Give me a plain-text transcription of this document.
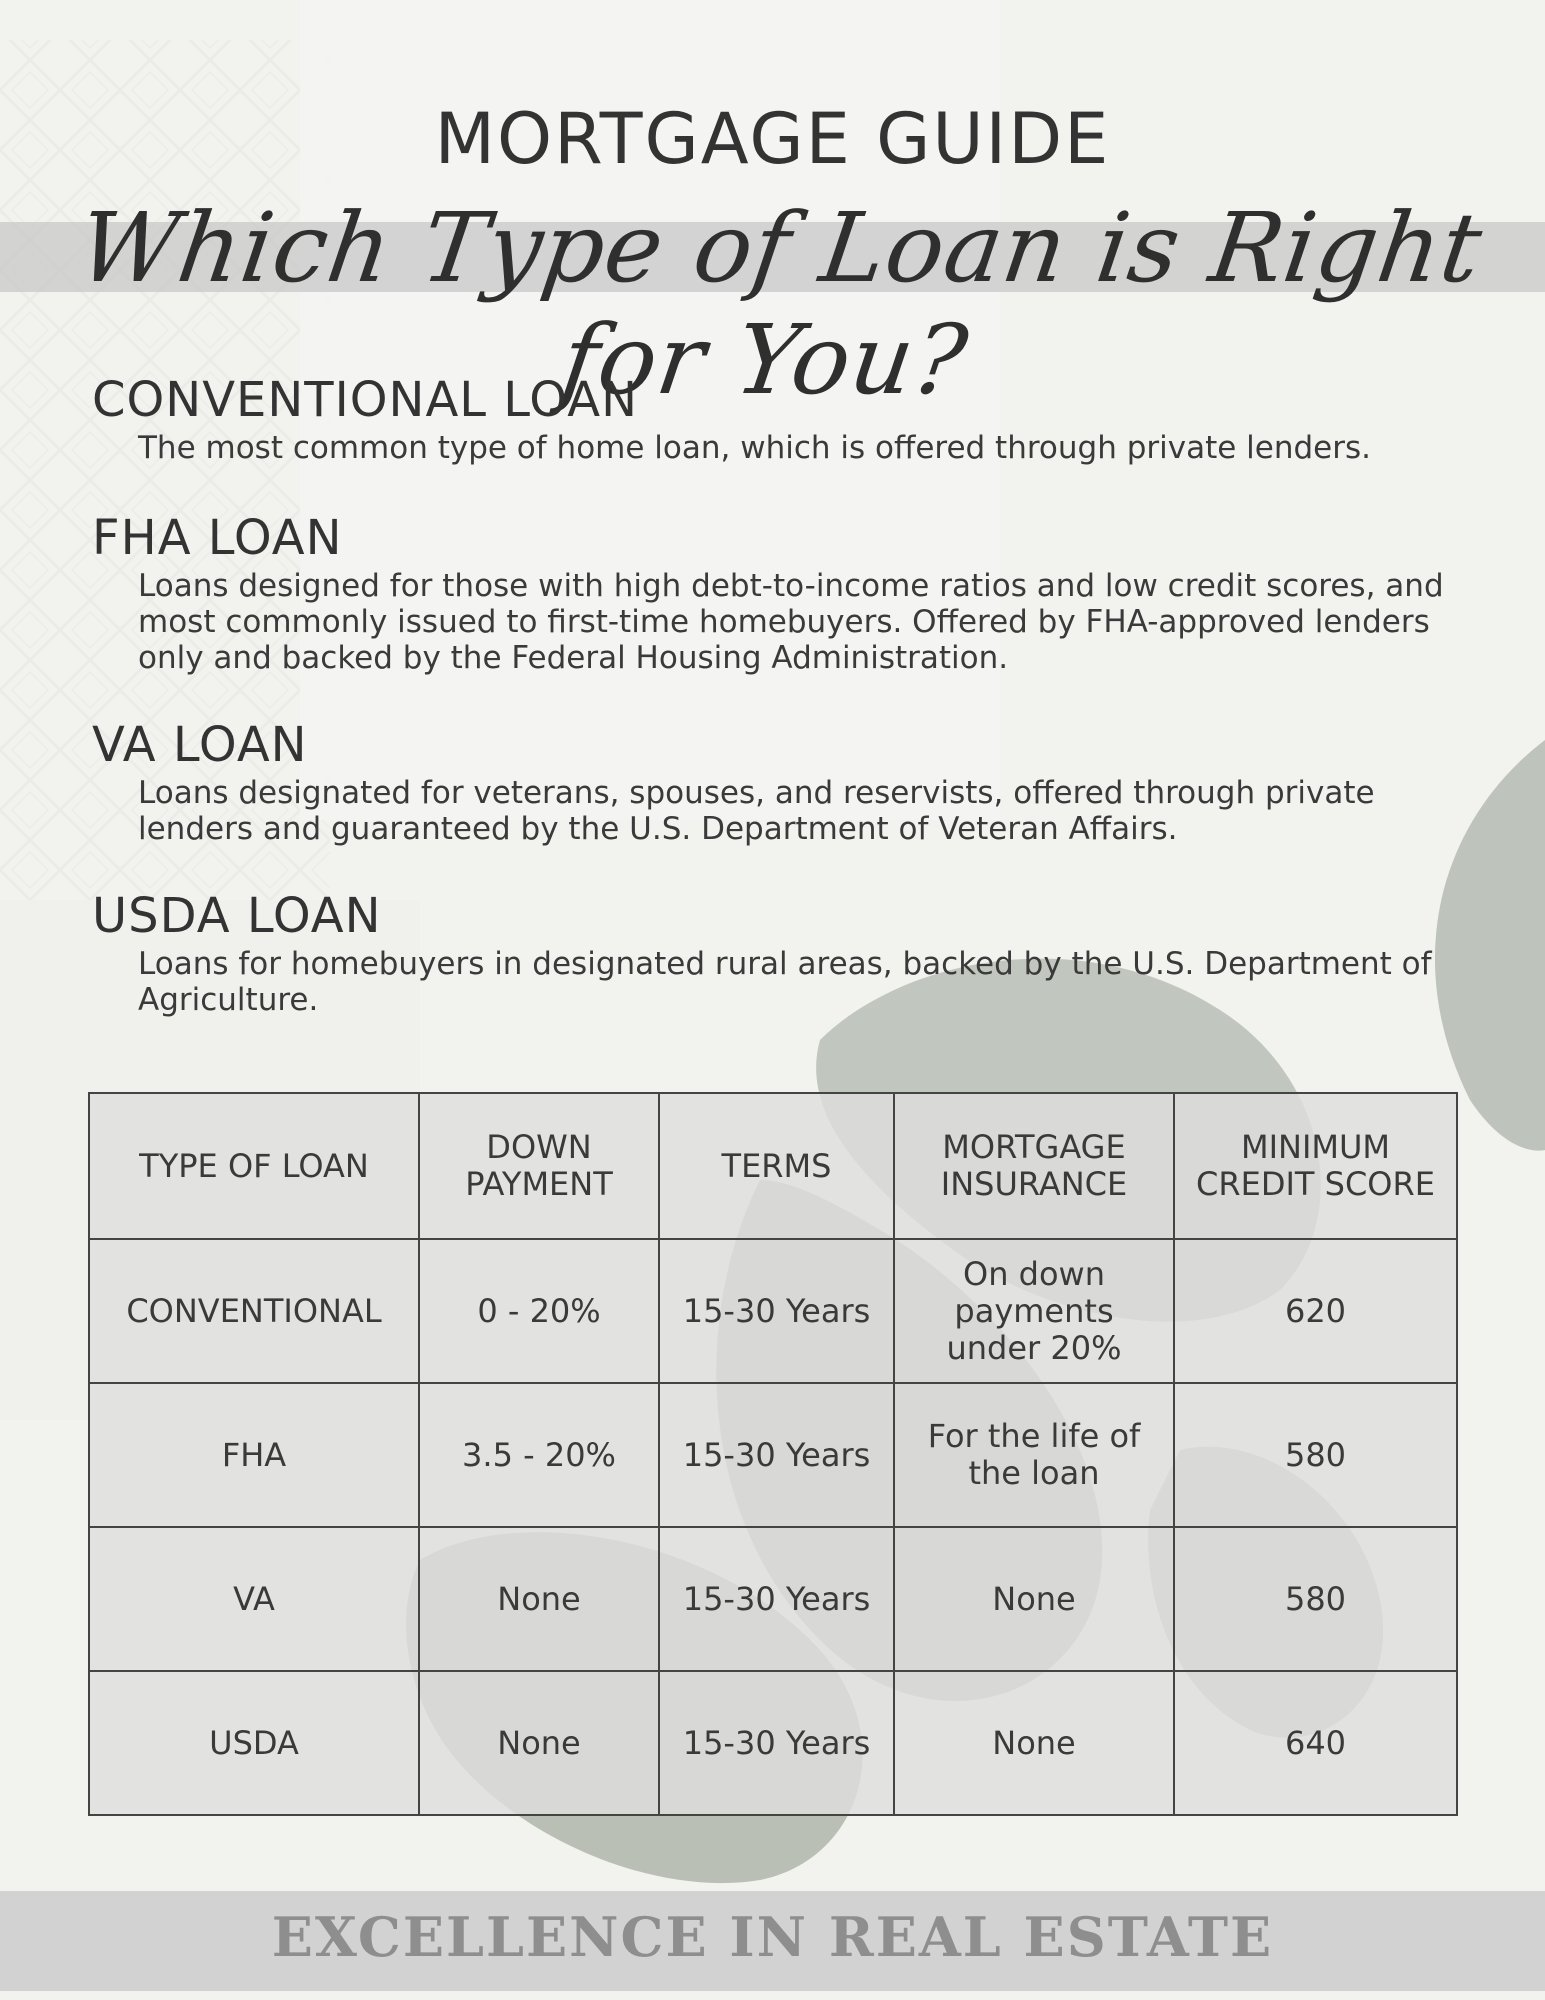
MORTGAGE GUIDE
Which Type of Loan is Right for You?
CONVENTIONAL LOAN

The most common type of home loan, which is offered through private lenders.

FHA LOAN

Loans designed for those with high debt-to-income ratios and low credit scores, and most commonly issued to first-time homebuyers. Offered by FHA-approved lenders only and backed by the Federal Housing Administration.

VA LOAN

Loans designated for veterans, spouses, and reservists, offered through private lenders and guaranteed by the U.S. Department of Veteran Affairs.

USDA LOAN

Loans for homebuyers in designated rural areas, backed by the U.S. Department of Agriculture.

TYPE OF LOAN	DOWN PAYMENT	TERMS	MORTGAGE INSURANCE	MINIMUM CREDIT SCORE
CONVENTIONAL	0 - 20%	15-30 Years	On down payments under 20%	620
FHA	3.5 - 20%	15-30 Years	For the life of the loan	580
VA	None	15-30 Years	None	580
USDA	None	15-30 Years	None	640

EXCELLENCE IN REAL ESTATE
